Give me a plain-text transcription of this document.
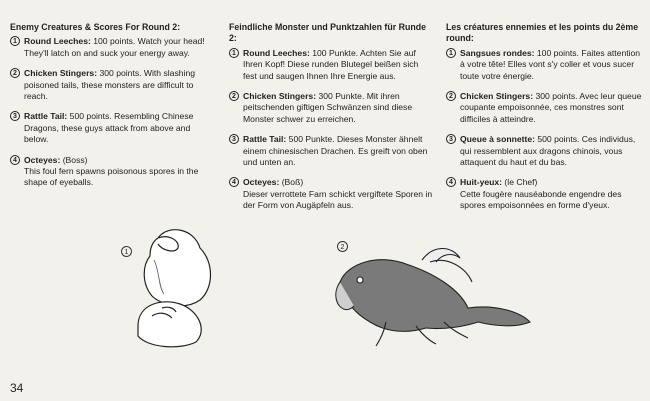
Enemy Creatures & Scores For Round 2:
1 Round Leeches: 100 points. Watch your head! They'll latch on and suck your energy away.
2 Chicken Stingers: 300 points. With slashing poisoned tails, these monsters are difficult to reach.
3 Rattle Tail: 500 points. Resembling Chinese Dragons, these guys attack from above and below.
4 Octeyes: (Boss)
This foul fern spawns poisonous spores in the shape of eyeballs.
Feindliche Monster und Punktzahlen für Runde 2:
1 Round Leeches: 100 Punkte. Achten Sie auf Ihren Kopf! Diese runden Blutegel beißen sich fest und saugen Ihnen Ihre Energie aus.
2 Chicken Stingers: 300 Punkte. Mit ihren peitschenden giftigen Schwänzen sind diese Monster schwer zu erreichen.
3 Rattle Tail: 500 Punkte. Dieses Monster ähnelt einem chinesischen Drachen. Es greift von oben und unten an.
4 Octeyes: (Boß)
Dieser verrottete Farn schickt vergiftete Sporen in der Form von Augäpfeln aus.
Les créatures ennemies et les points du 2ème round:
1 Sangsues rondes: 100 points. Faites attention à votre tête! Elles vont s'y coller et vous sucer toute votre énergie.
2 Chicken Stingers: 300 points. Avec leur queue coupante empoisonnée, ces monstres sont difficiles à atteindre.
3 Queue à sonnette: 500 points. Ces individus, qui ressemblent aux dragons chinois, vous attaquent du haut et du bas.
4 Huit-yeux: (le Chef)
Cette fougère nauséabonde engendre des spores empoisonnées en forme d'yeux.
1
2
34
